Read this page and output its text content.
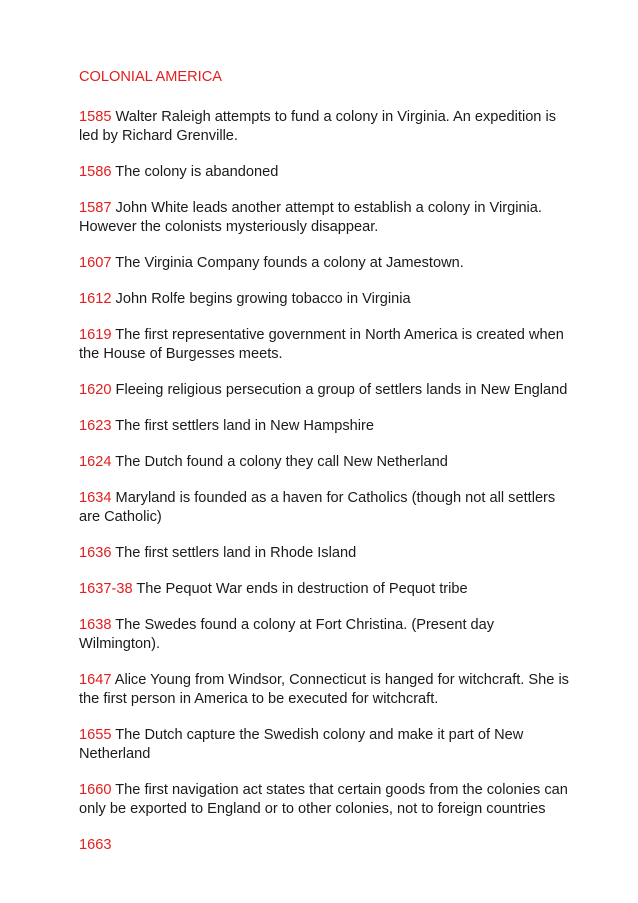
COLONIAL AMERICA
1585 Walter Raleigh attempts to fund a colony in Virginia. An expedition is led by Richard Grenville.
1586 The colony is abandoned
1587 John White leads another attempt to establish a colony in Virginia. However the colonists mysteriously disappear.
1607 The Virginia Company founds a colony at Jamestown.
1612 John Rolfe begins growing tobacco in Virginia
1619 The first representative government in North America is created when the House of Burgesses meets.
1620 Fleeing religious persecution a group of settlers lands in New England
1623 The first settlers land in New Hampshire
1624 The Dutch found a colony they call New Netherland
1634 Maryland is founded as a haven for Catholics (though not all settlers are Catholic)
1636 The first settlers land in Rhode Island
1637-38 The Pequot War ends in destruction of Pequot tribe
1638 The Swedes found a colony at Fort Christina. (Present day Wilmington).
1647 Alice Young from Windsor, Connecticut is hanged for witchcraft. She is the first person in America to be executed for witchcraft.
1655 The Dutch capture the Swedish colony and make it part of New Netherland
1660 The first navigation act states that certain goods from the colonies can only be exported to England or to other colonies, not to foreign countries
1663
